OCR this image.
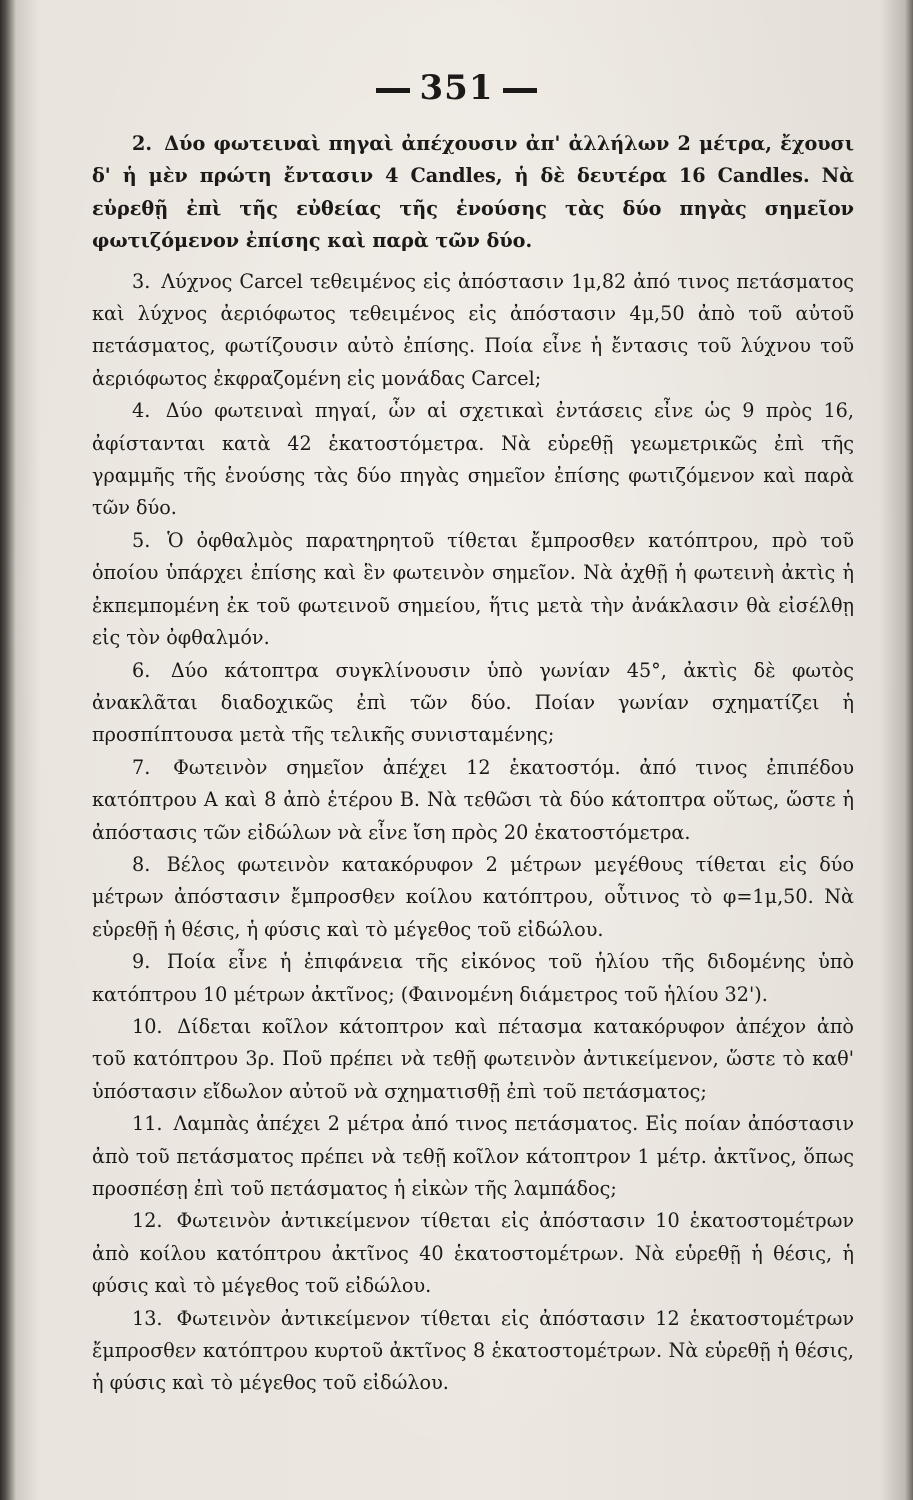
351

2. Δύο φωτειναὶ πηγαὶ ἀπέχουσιν ἀπ' ἀλλήλων 2 μέτρα, ἔχουσι δ' ἡ μὲν πρώτη ἔντασιν 4 Candles, ἡ δὲ δευτέρα 16 Candles. Νὰ εὑρεθῇ ἐπὶ τῆς εὐθείας τῆς ἑνούσης τὰς δύο πηγὰς σημεῖον φωτιζόμενον ἐπίσης καὶ παρὰ τῶν δύο.

3. Λύχνος Carcel τεθειμένος εἰς ἀπόστασιν 1μ,82 ἀπό τινος πετάσματος καὶ λύχνος ἀεριόφωτος τεθειμένος εἰς ἀπόστασιν 4μ,50 ἀπὸ τοῦ αὐτοῦ πετάσματος, φωτίζουσιν αὐτὸ ἐπίσης. Ποία εἶνε ἡ ἔντασις τοῦ λύχνου τοῦ ἀεριόφωτος ἐκφραζομένη εἰς μονάδας Carcel;

4. Δύο φωτειναὶ πηγαί, ὧν αἱ σχετικαὶ ἐντάσεις εἶνε ὡς 9 πρὸς 16, ἀφίστανται κατὰ 42 ἑκατοστόμετρα. Νὰ εὑρεθῇ γεωμετρικῶς ἐπὶ τῆς γραμμῆς τῆς ἑνούσης τὰς δύο πηγὰς σημεῖον ἐπίσης φωτιζόμενον καὶ παρὰ τῶν δύο.

5. Ὁ ὀφθαλμὸς παρατηρητοῦ τίθεται ἔμπροσθεν κατόπτρου, πρὸ τοῦ ὁποίου ὑπάρχει ἐπίσης καὶ ἓν φωτεινὸν σημεῖον. Νὰ ἀχθῇ ἡ φωτεινὴ ἀκτὶς ἡ ἐκπεμπομένη ἐκ τοῦ φωτεινοῦ σημείου, ἥτις μετὰ τὴν ἀνάκλασιν θὰ εἰσέλθῃ εἰς τὸν ὀφθαλμόν.

6. Δύο κάτοπτρα συγκλίνουσιν ὑπὸ γωνίαν 45°, ἀκτὶς δὲ φωτὸς ἀνακλᾶται διαδοχικῶς ἐπὶ τῶν δύο. Ποίαν γωνίαν σχηματίζει ἡ προσπίπτουσα μετὰ τῆς τελικῆς συνισταμένης;

7. Φωτεινὸν σημεῖον ἀπέχει 12 ἑκατοστόμ. ἀπό τινος ἐπιπέδου κατόπτρου Α καὶ 8 ἀπὸ ἑτέρου Β. Νὰ τεθῶσι τὰ δύο κάτοπτρα οὕτως, ὥστε ἡ ἀπόστασις τῶν εἰδώλων νὰ εἶνε ἴση πρὸς 20 ἑκατοστόμετρα.

8. Βέλος φωτεινὸν κατακόρυφον 2 μέτρων μεγέθους τίθεται εἰς δύο μέτρων ἀπόστασιν ἔμπροσθεν κοίλου κατόπτρου, οὗτινος τὸ φ=1μ,50. Νὰ εὑρεθῇ ἡ θέσις, ἡ φύσις καὶ τὸ μέγεθος τοῦ εἰδώλου.

9. Ποία εἶνε ἡ ἐπιφάνεια τῆς εἰκόνος τοῦ ἡλίου τῆς διδομένης ὑπὸ κατόπτρου 10 μέτρων ἀκτῖνος; (Φαινομένη διάμετρος τοῦ ἡλίου 32').

10. Δίδεται κοῖλον κάτοπτρον καὶ πέτασμα κατακόρυφον ἀπέχον ἀπὸ τοῦ κατόπτρου 3ρ. Ποῦ πρέπει νὰ τεθῇ φωτεινὸν ἀντικείμενον, ὥστε τὸ καθ' ὑπόστασιν εἴδωλον αὐτοῦ νὰ σχηματισθῇ ἐπὶ τοῦ πετάσματος;

11. Λαμπὰς ἀπέχει 2 μέτρα ἀπό τινος πετάσματος. Εἰς ποίαν ἀπόστασιν ἀπὸ τοῦ πετάσματος πρέπει νὰ τεθῇ κοῖλον κάτοπτρον 1 μέτρ. ἀκτῖνος, ὅπως προσπέσῃ ἐπὶ τοῦ πετάσματος ἡ εἰκὼν τῆς λαμπάδος;

12. Φωτεινὸν ἀντικείμενον τίθεται εἰς ἀπόστασιν 10 ἑκατοστομέτρων ἀπὸ κοίλου κατόπτρου ἀκτῖνος 40 ἑκατοστομέτρων. Νὰ εὑρεθῇ ἡ θέσις, ἡ φύσις καὶ τὸ μέγεθος τοῦ εἰδώλου.

13. Φωτεινὸν ἀντικείμενον τίθεται εἰς ἀπόστασιν 12 ἑκατοστομέτρων ἔμπροσθεν κατόπτρου κυρτοῦ ἀκτῖνος 8 ἑκατοστομέτρων. Νὰ εὑρεθῇ ἡ θέσις, ἡ φύσις καὶ τὸ μέγεθος τοῦ εἰδώλου.
